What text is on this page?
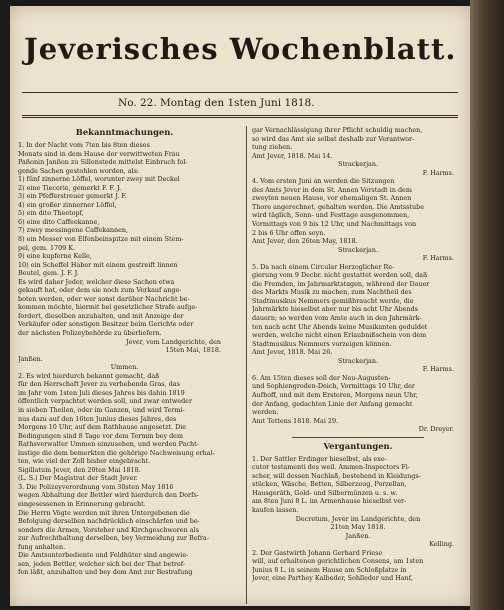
Jeverisches Wochenblatt.
No. 22. Montag den 1sten Juni 1818.
Bekanntmachungen.
1. In der Nacht vom 7ten bis 8ten dieses
Monats sind in dem Hause der verwittweten Frau
Paßonin Janßen zu Sillenstede mittelst Einbruch fol-
gende Sachen gestohlen worden, als:
1) fünf zinnerne Löffel, worunter zwey mit Deckel
2) eine Tiecerie, gemerkt F. F. J.
3) ein Pfefferstreuer gemerkt J. F.
4) ein großer zinnerner Löffel,
5) ein dito Theetopf,
6) eine dito Caffeekanne,
7) zwey messingene Caffekannen,
8) ein Messer von Elfenbeinspitze mit einem Stem-
pel, gem. 1709 K.
9) eine kupferne Kelle,
10) ein Scheffel Haber mit einem gestreift linnen
Beutel, gem. J. F. J.
Es wird daher Jeder, welcher diese Sachen etwa
gekauft hat, oder dem sie noch zum Verkauf ange-
boten werden, oder wer sonst darüber Nachricht be-
kommen möchte, hiermit bei gesetzlicher Strafe aufge-
fordert, dieselben anzuhalten, und mit Anzeige der
Verkäufer oder sonstigen Besitzer beim Gerichte oder
der nächsten Polizeybehörde zu überliefern.
Jever, vom Landgerichte, den
15ten Mai, 1818.
Janßen.
Ummen.
2. Es wird hierdurch bekannt gemacht, daß
für den Herrschaft Jever zu verhebende Gras, das
im Jahr vom 1sten Juli dieses Jahres bis dahin 1819
öffentlich verpachtet werden soll, und zwar entweder
in sieben Theilen, oder im Ganzen, und wird Termi-
nus dazu auf den 16ten Junius dieses Jahres, des
Morgens 10 Uhr, auf dem Rathhause angesetzt. Die
Bedingungen sind 8 Tage vor dem Termin bey dem
Rathsverwalter Ummen einzusehen, und werden Pacht-
lustige die dem bemerkten die gehörige Nachweisung erhal-
ten, wie viel der Zoll bisher eingebracht.
Sigillatum Jever, den 20ten Mai 1818.
(L. S.) Der Magistrat der Stadt Jever.
3. Die Polizeyverordnung vom 30sten May 1816
wegen Abhaltung der Bettler wird hierdurch den Dorfs-
eingesessenen in Erinnerung gebracht.
Die Herrn Vögte werden mit ihren Untergebenen die
Befolgung derselben nachdrücklich einschärfen und be-
sonders die Armen, Vorsteher und Kirchgeschworen als
zur Aufrechthaltung derselben, bey Vermeidung zur Befra-
fung anhalten.
Die Amtsunterbediente und Feldhüter sind angewie-
sen, jeden Bettler, welcher sich bei der That betref-
fen läßt, anzuhalten und bey dem Amt zur Bestrafung
gar Vernachlässigung ihrer Pflicht schuldig machen,
so wird das Amt sie selbst deshalb zur Verantwor-
tung ziehen.
Amt Jever, 1818. Mai 14.
Strackerjan.
F. Harms.
4. Vom ersten Juni an werden die Sitzungen
des Amts Jever in dem St. Annen Vorstadt in dem
zweyten neuen Hause, vor ehemaligen St. Annen
Thore angerechnet, gehalten werden. Die Amtsstube
wird täglich, Sonn- und Festtage ausgenommen,
Vormittags von 9 bis 12 Uhr, und Nachmittags von
2 bis 6 Uhr offen seyn.
Amt Jever, den 26ten May, 1818.
Strackerjan.
F. Harms.
5. Da nach einem Circular Herzoglicher Re-
gierung vom 9 Decbr. nicht gestattet werden soll, daß
die Fremden, im Jahrmarktstagen, während der Dauer
des Markts Musik zu machen, zum Nachtheil des
Stadtmusikus Nemmers gemißbraucht werde, die
Jahrmärkte hieselbst aber nur bis acht Uhr Abends
dauern; so werden vom Amte auch in den Jahrmärk-
ten nach acht Uhr Abends keine Musikanten geduldet
werden, welche nicht einen Erlaubnißschein von dem
Stadtmusikus Nemmers vorzeigen können.
Amt Jever, 1818. Mai 26.
Strackerjan.
F. Harms.
6. Am 15ten dieses soll der Neu-Augusten-
und Sophiengroden-Deich, Vormittags 10 Uhr, der
Aufhoff, und mit dem Ersteren, Morgens neun Uhr,
der Anfang, gedachten Linie der Anfang gemacht
werden.
Amt Tettens 1818. Mai 29.
Dr. Dreyer.
Vergantungen.
1. Der Sattler Erdinger hieselbst, als exe-
cutor testamenti des weil. Ammen-Inspectors Fi-
scher, will dessen Nachlaß, bestehend in Kleidungs-
stücken, Wäsche, Betten, Silberzeug, Porzellan,
Hausgeräth, Gold- und Silbermünzen u. s. w.
am 8ten Juni 8 L. im Armenhause hieselbst ver-
kaufen lassen.
Decretum, Jever im Landgerichte, den
21ten May 1818.
Janßen.
Kelling.
2. Der Gastwirth Johann Gerhard Friese
will, auf erhaltenen gerichtlichen Consens, am 1sten
Junius 8 L. in seinem Hause am Schloßplatze in
Jever, eine Parthey Kalbeder, Sohlleder und Hanf,
